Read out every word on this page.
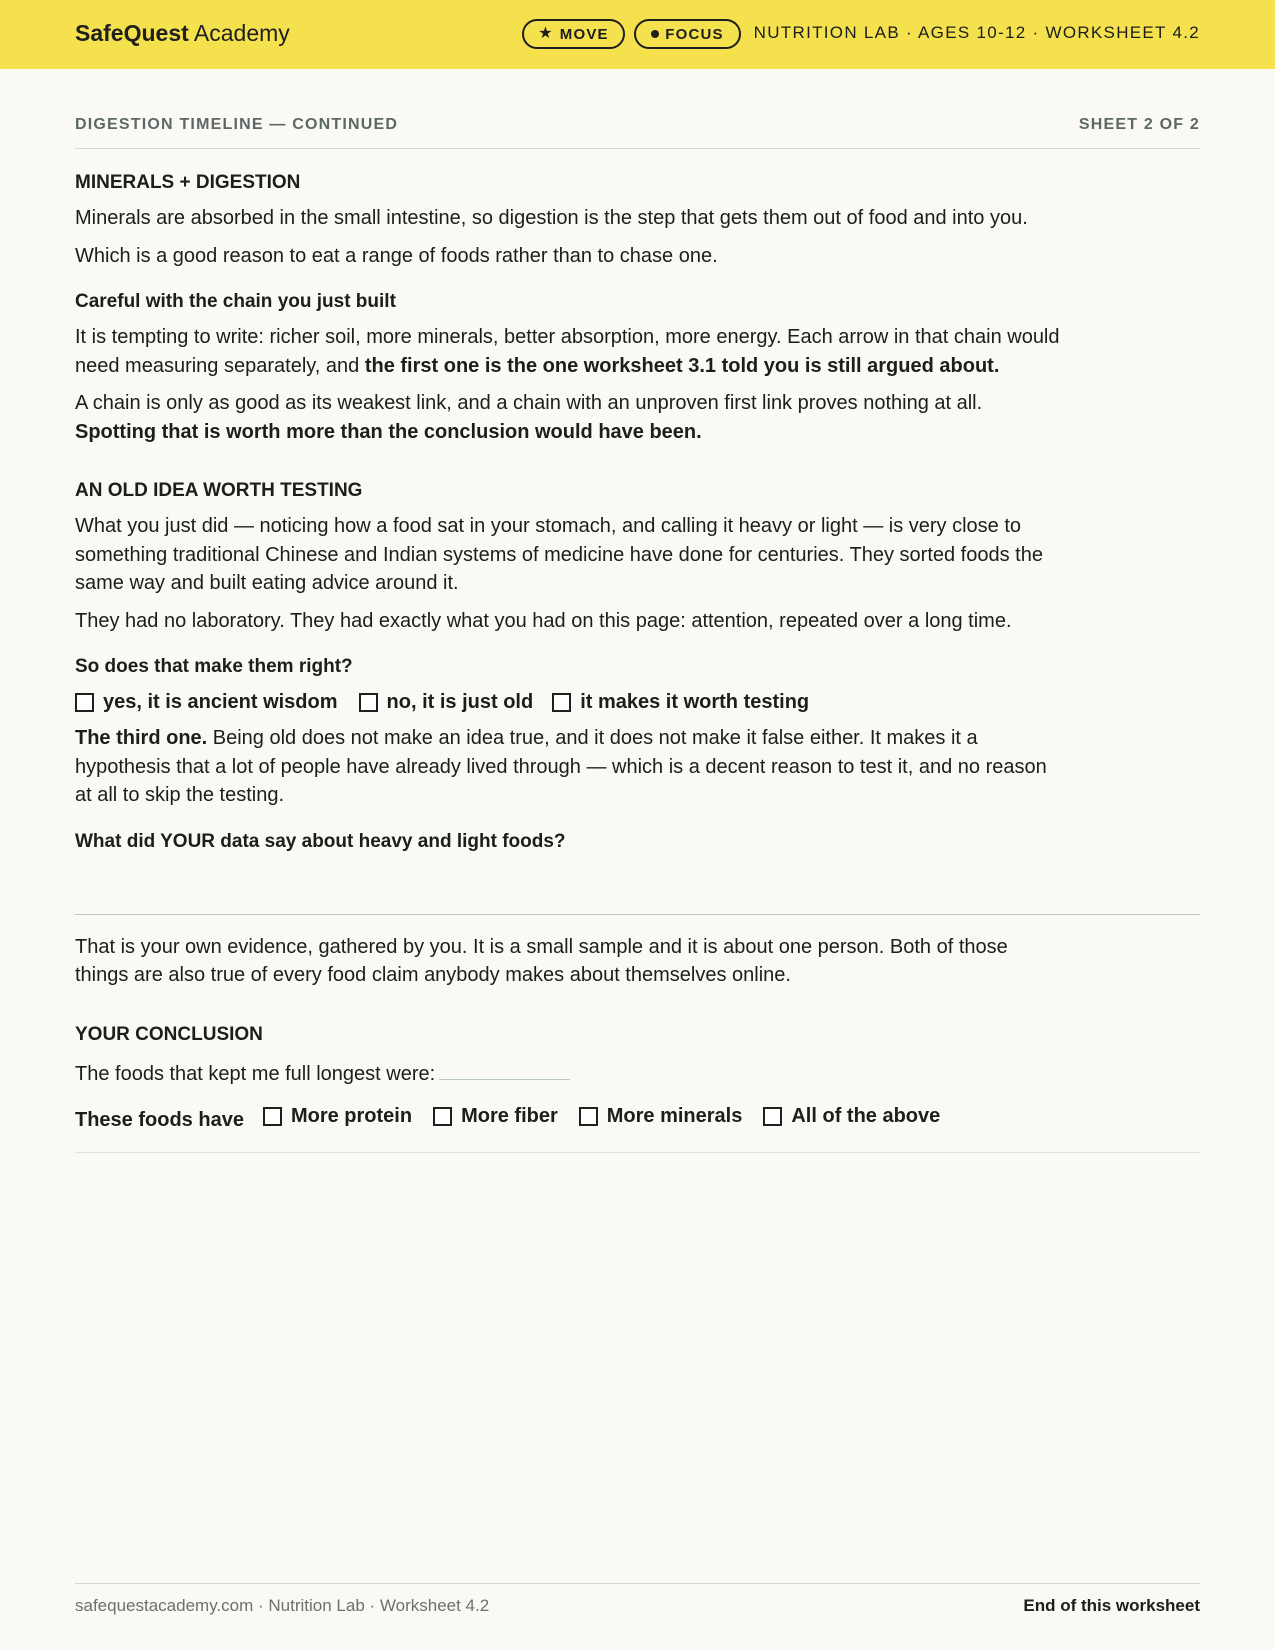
SafeQuest Academy	★ MOVE	FOCUS NUTRITION LAB · AGES 10-12 · WORKSHEET 4.2
DIGESTION TIMELINE — CONTINUED	SHEET 2 OF 2
MINERALS + DIGESTION

Minerals are absorbed in the small intestine, so digestion is the step that gets them out of food and into you.

Which is a good reason to eat a range of foods rather than to chase one.

Careful with the chain you just built

It is tempting to write: richer soil, more minerals, better absorption, more energy. Each arrow in that chain would need measuring separately, and the first one is the one worksheet 3.1 told you is still argued about.

A chain is only as good as its weakest link, and a chain with an unproven first link proves nothing at all. Spotting that is worth more than the conclusion would have been.

AN OLD IDEA WORTH TESTING

What you just did — noticing how a food sat in your stomach, and calling it heavy or light — is very close to something traditional Chinese and Indian systems of medicine have done for centuries. They sorted foods the same way and built eating advice around it.

They had no laboratory. They had exactly what you had on this page: attention, repeated over a long time.

So does that make them right?
yes, it is ancient wisdom no, it is just old it makes it worth testing

The third one. Being old does not make an idea true, and it does not make it false either. It makes it a hypothesis that a lot of people have already lived through — which is a decent reason to test it, and no reason at all to skip the testing.

What did YOUR data say about heavy and light foods?

That is your own evidence, gathered by you. It is a small sample and it is about one person. Both of those things are also true of every food claim anybody makes about themselves online.

YOUR CONCLUSION

The foods that kept me full longest were:

These foods have More protein More fiber More minerals All of the above
safequestacademy.com · Nutrition Lab · Worksheet 4.2	End of this worksheet
